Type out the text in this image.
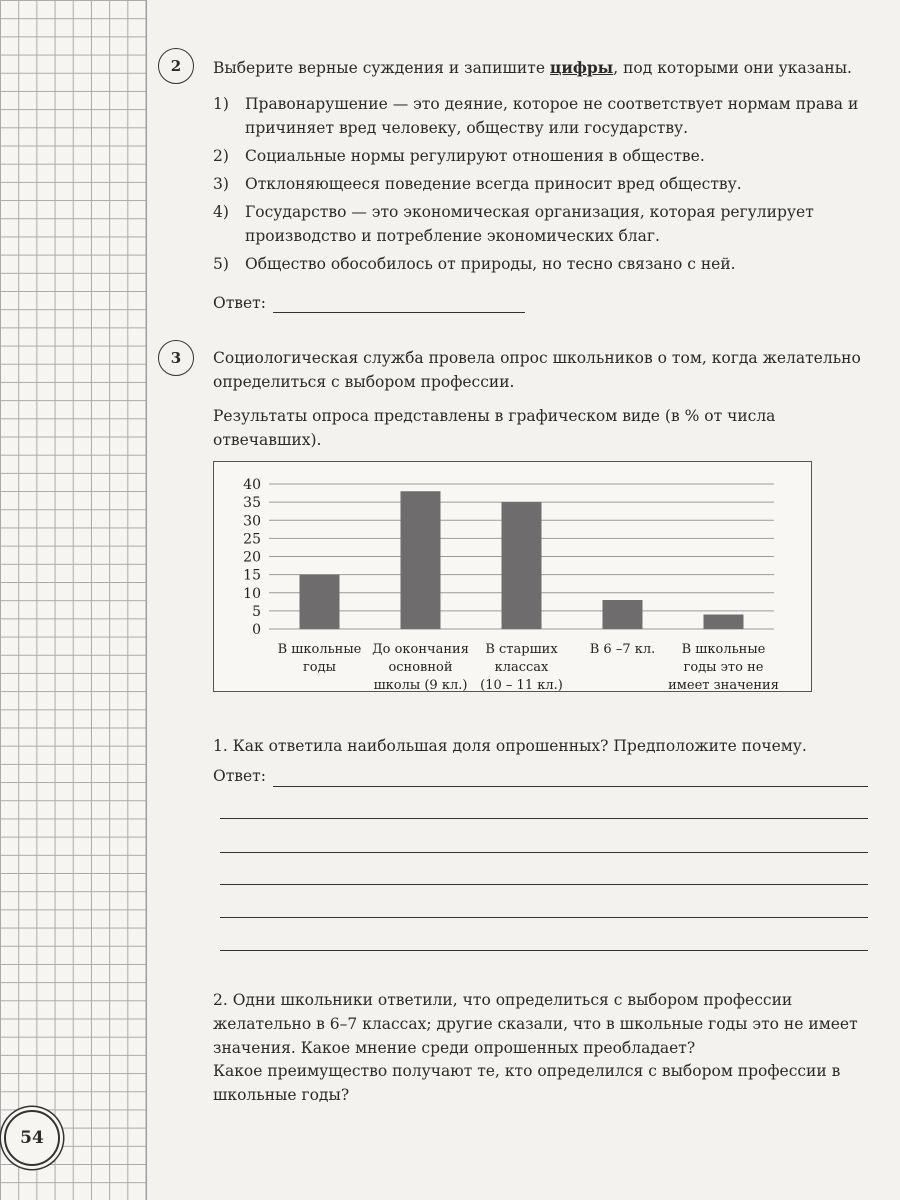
54
2	Выберите верные суждения и запишите цифры, под которыми они указаны.
1)	Правонарушение — это деяние, которое не соответствует нормам права и причиняет вред человеку, обществу или государству.
2)	Социальные нормы регулируют отношения в обществе.
3)	Отклоняющееся поведение всегда приносит вред обществу.
4)	Государство — это экономическая организация, которая регулирует производство и потребление экономических благ.
5)	Общество обособилось от природы, но тесно связано с ней.
Ответ:
3	Социологическая служба провела опрос школьников о том, когда желательно определиться с выбором профессии.
Результаты опроса представлены в графическом виде (в % от числа отвечавших).
0
5
10
15
20
25
30
35
40
В школьные
годы
До окончания
основной
школы (9 кл.)
В старших
классах
(10 – 11 кл.)
В 6 –7 кл. В школьные
годы это не
имеет значения
1. Как ответила наибольшая доля опрошенных? Предположите почему.
Ответ:
2. Одни школьники ответили, что определиться с выбором профессии желательно в 6–7 классах; другие сказали, что в школьные годы это не имеет значения. Какое мнение среди опрошенных преобладает?
Какое преимущество получают те, кто определился с выбором профессии в школьные годы?
